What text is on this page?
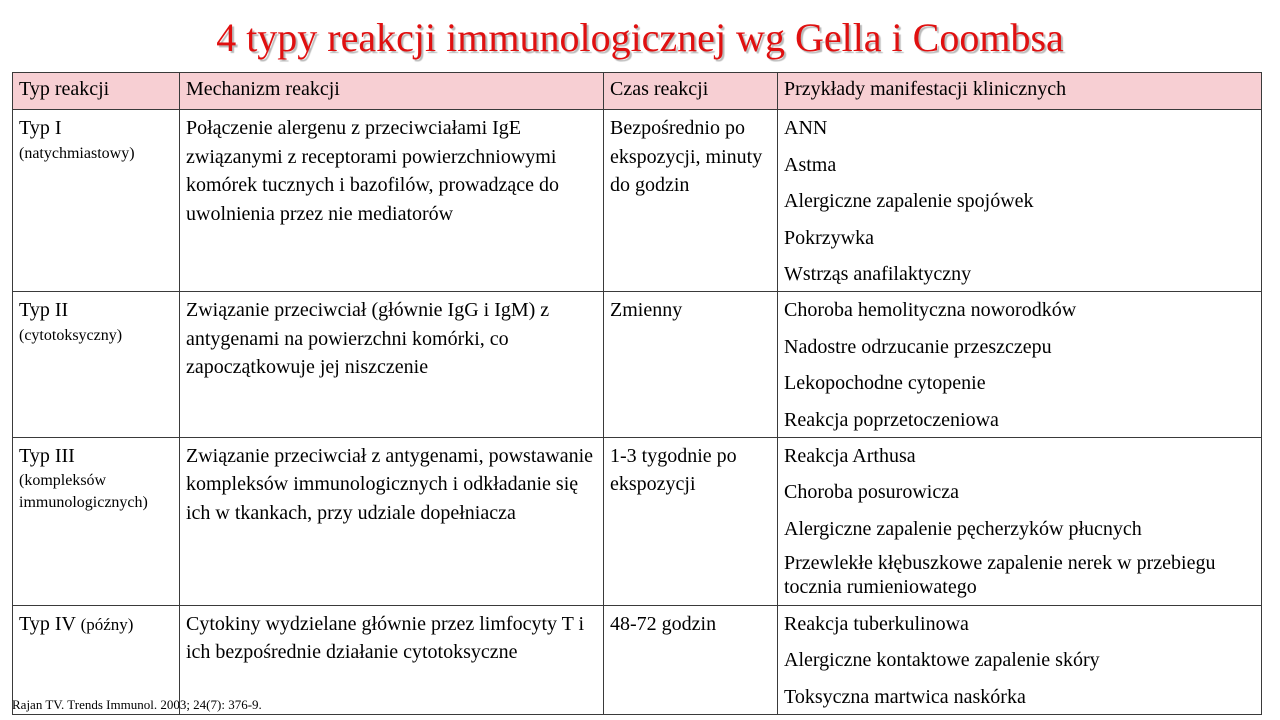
4 typy reakcji immunologicznej wg Gella i Coombsa
Typ reakcji	Mechanizm reakcji	Czas reakcji	Przykłady manifestacji klinicznych
Typ I
(natychmiastowy)	Połączenie alergenu z przeciwciałami IgE związanymi z receptorami powierzchniowymi komórek tucznych i bazofilów, prowadzące do uwolnienia przez nie mediatorów	Bezpośrednio po ekspozycji, minuty do godzin	ANN
Astma
Alergiczne zapalenie spojówek
Pokrzywka
Wstrząs anafilaktyczny

Typ II
(cytotoksyczny)	Związanie przeciwciał (głównie IgG i IgM) z antygenami na powierzchni komórki, co zapoczątkowuje jej niszczenie	Zmienny	Choroba hemolityczna noworodków
Nadostre odrzucanie przeszczepu
Lekopochodne cytopenie
Reakcja poprzetoczeniowa

Typ III
(kompleksów immunologicznych)	Związanie przeciwciał z antygenami, powstawanie kompleksów immunologicznych i odkładanie się ich w tkankach, przy udziale dopełniacza	1-3 tygodnie po ekspozycji	Reakcja Arthusa
Choroba posurowicza
Alergiczne zapalenie pęcherzyków płucnych
Przewlekłe kłębuszkowe zapalenie nerek w przebiegu tocznia rumieniowatego

Typ IV (późny)	Cytokiny wydzielane głównie przez limfocyty T i ich bezpośrednie działanie cytotoksyczne	48-72 godzin	Reakcja tuberkulinowa
Alergiczne kontaktowe zapalenie skóry
Toksyczna martwica naskórka
Rajan TV. Trends Immunol. 2003; 24(7): 376-9.
